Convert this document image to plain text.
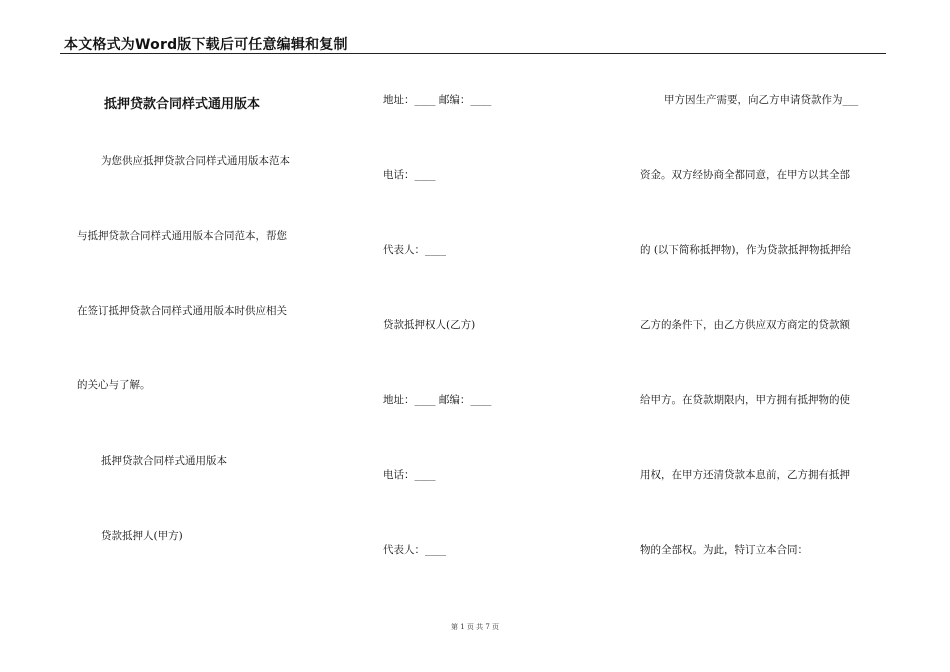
本文格式为Word版下载后可任意编辑和复制
抵押贷款合同样式通用版本
为您供应抵押贷款合同样式通用版本范本
与抵押贷款合同样式通用版本合同范本，帮您
在签订抵押贷款合同样式通用版本时供应相关
的关心与了解。
抵押贷款合同样式通用版本
贷款抵押人(甲方)
地址：____ 邮编：____
电话：____
代表人：____
贷款抵押权人(乙方)
地址：____ 邮编：____
电话：____
代表人：____
甲方因生产需要，向乙方申请贷款作为___
资金。双方经协商全都同意，在甲方以其全部
的 (以下简称抵押物)，作为贷款抵押物抵押给
乙方的条件下，由乙方供应双方商定的贷款额
给甲方。在贷款期限内，甲方拥有抵押物的使
用权，在甲方还清贷款本息前，乙方拥有抵押
物的全部权。为此，特订立本合同：
第 1 页 共 7 页
